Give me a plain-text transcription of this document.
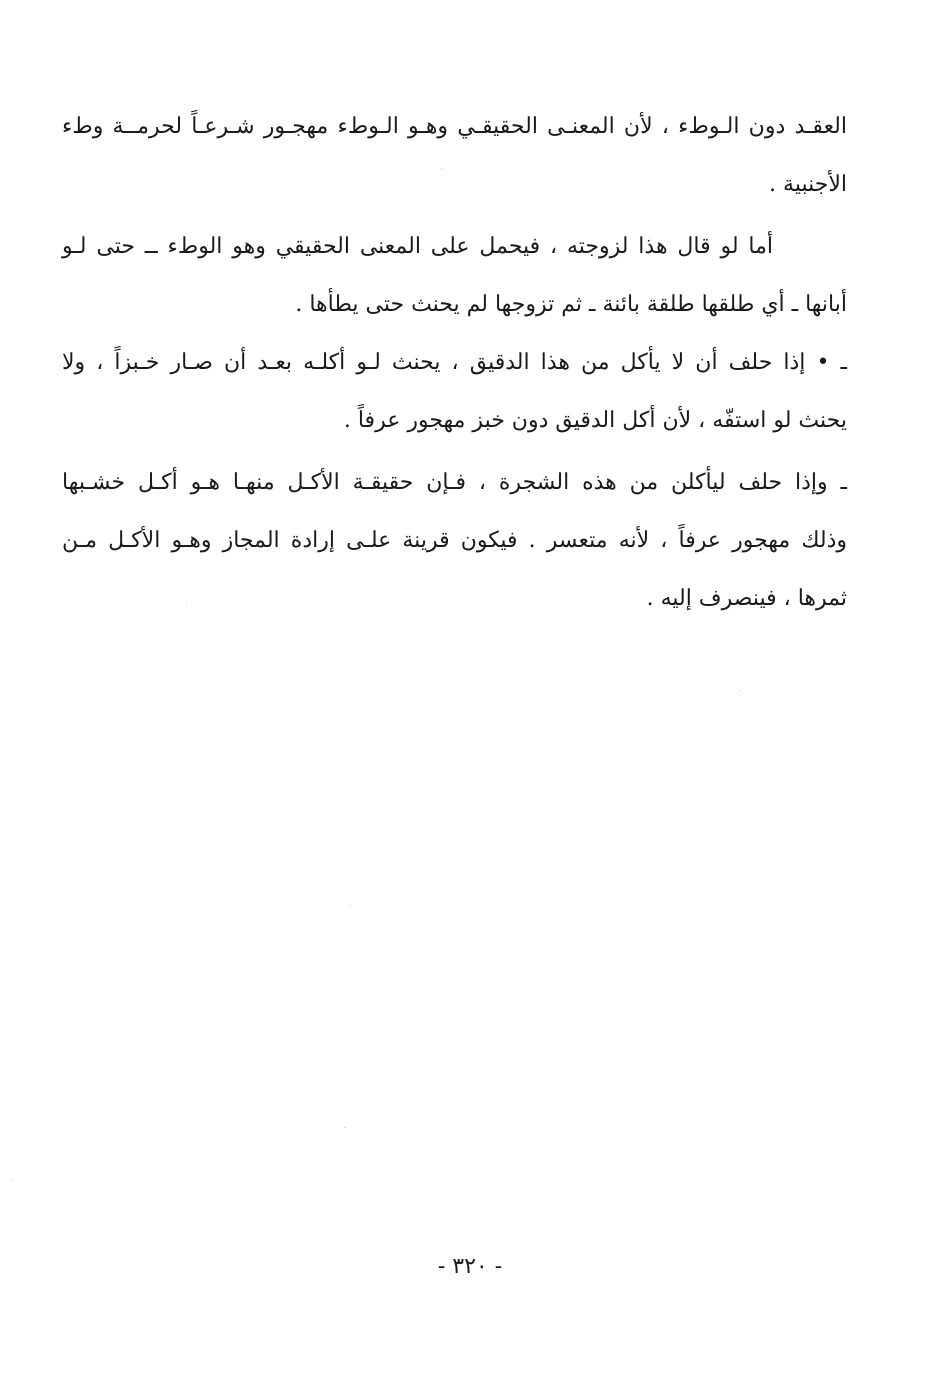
العقـد دون الـوطء ، لأن المعنـى الحقيقـي وهـو الـوطء مهجـور شـرعـاً لحرمــة وطء
الأجنبية .
أما لو قال هذا لزوجته ، فيحمل على المعنى الحقيقي وهو الوطء ــ حتى لـو
أبانها ـ أي طلقها طلقة بائنة ـ ثم تزوجها لم يحنث حتى يطأها .
ـ • إذا حلف أن لا يأكل من هذا الدقيق ، يحنث لـو أكلـه بعـد أن صـار خـبزاً ، ولا
يحنث لو استفّه ، لأن أكل الدقيق دون خبز مهجور عرفاً .
ـ وإذا حلف ليأكلن من هذه الشجرة ، فـإن حقيقـة الأكـل منهـا هـو أكـل خشـبها
وذلك مهجور عرفاً ، لأنه متعسر . فيكون قرينة علـى إرادة المجاز وهـو الأكـل مـن
ثمرها ، فينصرف إليه .
- ٣٢٠ -
